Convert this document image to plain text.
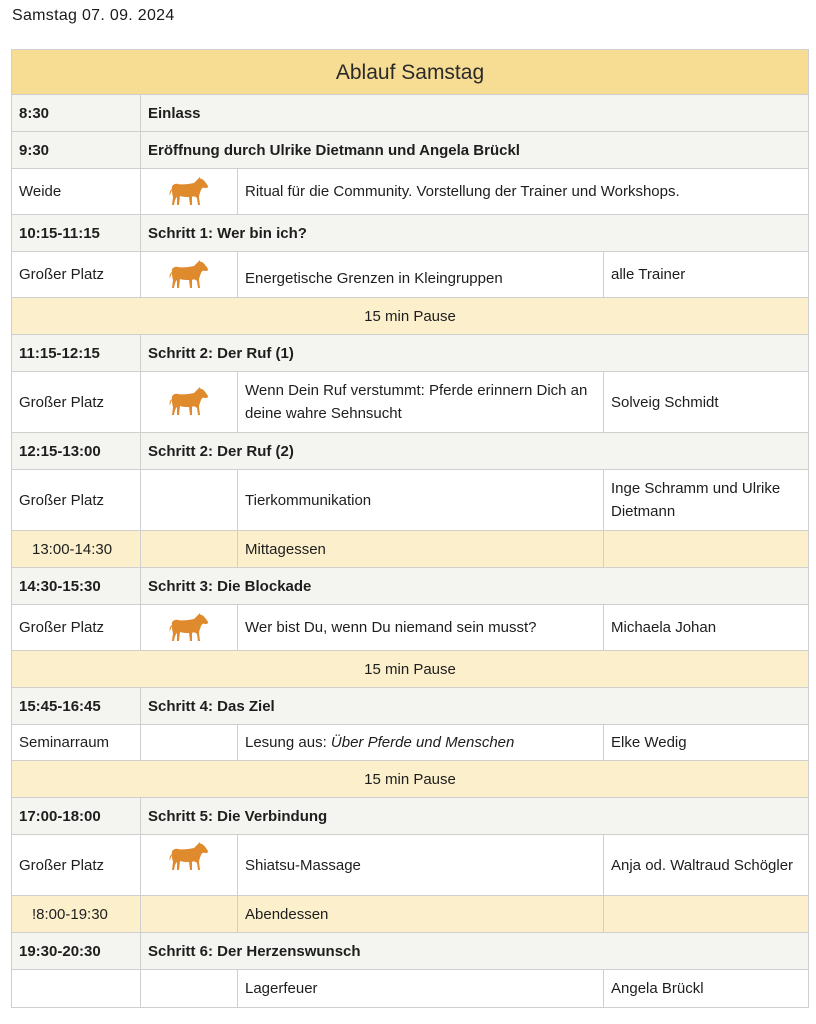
Samstag 07. 09. 2024
Ablauf Samstag			
8:30	Einlass		
9:30	Eröffnung durch Ulrike Dietmann und Angela Brückl		
Weide		Ritual für die Community. Vorstellung der Trainer und Workshops.	
10:15-11:15	Schritt 1: Wer bin ich?		
Großer Platz		Energetische Grenzen in Kleingruppen	alle Trainer
15 min Pause			
11:15-12:15	Schritt 2: Der Ruf (1)		
Großer Platz		Wenn Dein Ruf verstummt: Pferde erinnern Dich an deine wahre Sehnsucht	Solveig Schmidt
12:15-13:00	Schritt 2: Der Ruf (2)		
Großer Platz		Tierkommunikation	Inge Schramm und Ulrike Dietmann
13:00-14:30		Mittagessen	
14:30-15:30	Schritt 3: Die Blockade		
Großer Platz		Wer bist Du, wenn Du niemand sein musst?	Michaela Johan
15 min Pause			
15:45-16:45	Schritt 4: Das Ziel		
Seminarraum		Lesung aus: Über Pferde und Menschen	Elke Wedig
15 min Pause			
17:00-18:00	Schritt 5: Die Verbindung		
Großer Platz		Shiatsu-Massage	Anja od. Waltraud Schögler
!8:00-19:30		Abendessen	
19:30-20:30	Schritt 6: Der Herzenswunsch		
		Lagerfeuer	Angela Brückl
